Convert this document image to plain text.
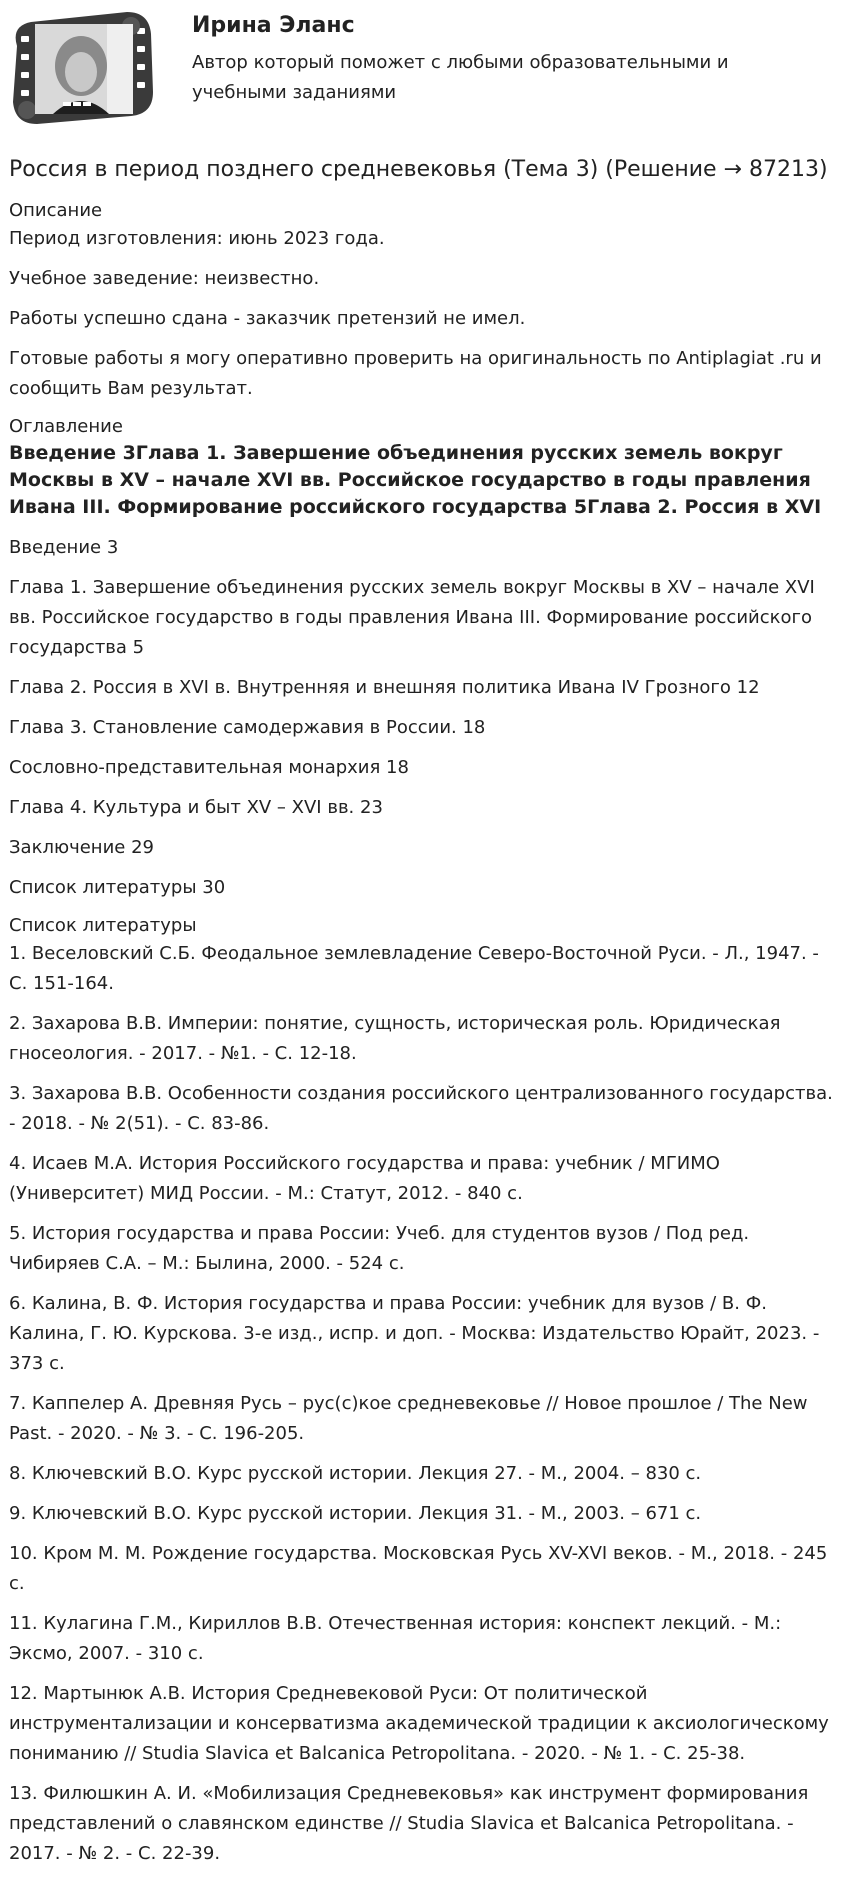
Ирина Эланс
Автор который поможет с любыми образовательными и учебными заданиями
Россия в период позднего средневековья (Тема 3) (Решение → 87213)
Описание

Период изготовления: июнь 2023 года.

Учебное заведение: неизвестно.

Работы успешно сдана - заказчик претензий не имел.

Готовые работы я могу оперативно проверить на оригинальность по Antiplagiat .ru и сообщить Вам результат.

Оглавление
Введение 3Глава 1. Завершение объединения русских земель вокруг Москвы в XV – начале XVI вв. Российское государство в годы правления Ивана III. Формирование российского государства 5Глава 2. Россия в XVI

Введение 3

Глава 1. Завершение объединения русских земель вокруг Москвы в XV – начале XVI вв. Российское государство в годы правления Ивана III. Формирование российского государства 5

Глава 2. Россия в XVI в. Внутренняя и внешняя политика Ивана IV Грозного 12

Глава 3. Становление самодержавия в России. 18

Сословно-представительная монархия 18

Глава 4. Культура и быт XV – XVI вв. 23

Заключение 29

Список литературы 30

Список литературы

1. Веселовский С.Б. Феодальное землевладение Северо-Восточной Руси. - Л., 1947. - С. 151-164.

2. Захарова В.В. Империи: понятие, сущность, историческая роль. Юридическая гносеология. - 2017. - №1. - С. 12-18.

3. Захарова В.В. Особенности создания российского централизованного государства. - 2018. - № 2(51). - С. 83-86.

4. Исаев М.А. История Российского государства и права: учебник / МГИМО (Университет) МИД России. - М.: Статут, 2012. - 840 с.

5. История государства и права России: Учеб. для студентов вузов / Под ред. Чибиряев С.А. – М.: Былина, 2000. - 524 с.

6. Калина, В. Ф. История государства и права России: учебник для вузов / В. Ф. Калина, Г. Ю. Курскова. 3-е изд., испр. и доп. - Москва: Издательство Юрайт, 2023. - 373 с.

7. Каппелер А. Древняя Русь – рус(с)кое средневековье // Новое прошлое / The New Past. - 2020. - № 3. - С. 196-205.

8. Ключевский В.О. Курс русской истории. Лекция 27. - М., 2004. – 830 с.

9. Ключевский В.О. Курс русской истории. Лекция 31. - М., 2003. – 671 с.

10. Кром М. М. Рождение государства. Московская Русь XV-XVI веков. - М., 2018. - 245 с.

11. Кулагина Г.М., Кириллов В.В. Отечественная история: конспект лекций. - М.: Эксмо, 2007. - 310 с.

12. Мартынюк А.В. История Средневековой Руси: От политической инструментализации и консерватизма академической традиции к аксиологическому пониманию // Studia Slavica et Balcanica Petropolitana. - 2020. - № 1. - С. 25-38.

13. Филюшкин А. И. «Мобилизация Средневековья» как инструмент формирования представлений о славянском единстве // Studia Slavica et Balcanica Petropolitana. - 2017. - № 2. - С. 22-39.
